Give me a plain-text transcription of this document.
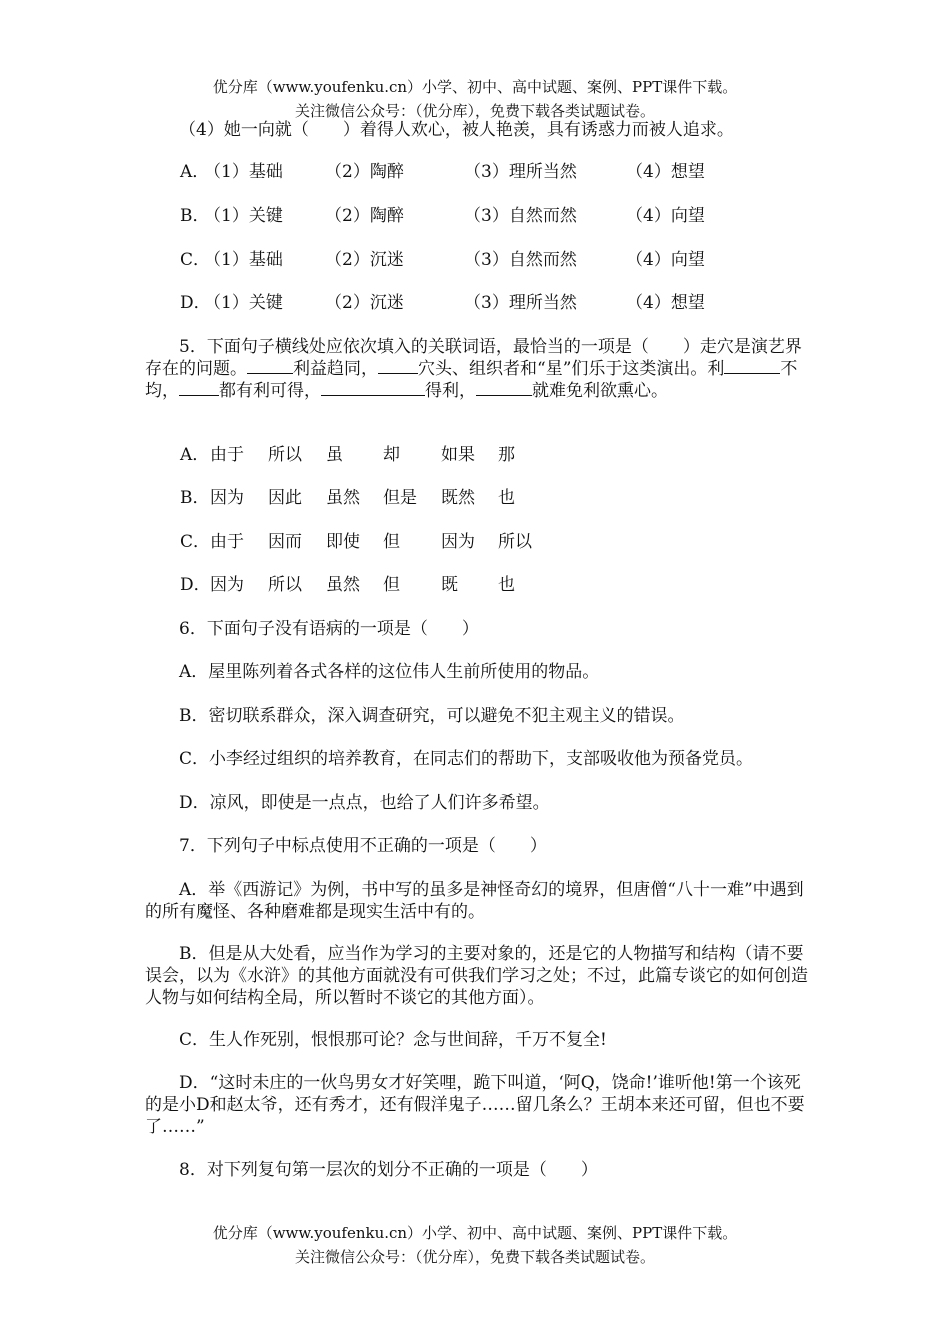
优分库（www.youfenku.cn）小学、初中、高中试题、案例、PPT课件下载。
关注微信公众号：（优分库），免费下载各类试题试卷。

（4）她一向就（　　）着得人欢心，被人艳羡，具有诱惑力而被人追求。

A．
（1）基础 （2）陶醉	（3）理所当然	（4）想望
B．
（1）关键 （2）陶醉	（3）自然而然	（4）向望
C．
（1）基础 （2）沉迷	（3）自然而然	（4）向望
D．
（1）关键 （2）沉迷	（3）理所当然	（4）想望

5．下面句子横线处应依次填入的关联词语，最恰当的一项是（　　）走穴是演艺界存在的问题。	利益趋同， 穴头、组织者和“星”们乐于这类演出。利	不均， 都有利可得，	得利，	就难免利欲熏心。

A． 由于 所以 虽 却 如果 那
B． 因为 因此 虽然 但是 既然 也
C． 由于 因而 即使 但 因为 所以
D． 因为 所以 虽然 但 既 也

6．下面句子没有语病的一项是（　　）

A．屋里陈列着各式各样的这位伟人生前所使用的物品。

B．密切联系群众，深入调查研究，可以避免不犯主观主义的错误。

C．小李经过组织的培养教育，在同志们的帮助下，支部吸收他为预备党员。

D．凉风，即使是一点点，也给了人们许多希望。

7．下列句子中标点使用不正确的一项是（　　）

A．举《西游记》为例，书中写的虽多是神怪奇幻的境界，但唐僧“八十一难”中遇到的所有魔怪、各种磨难都是现实生活中有的。

B．但是从大处看，应当作为学习的主要对象的，还是它的人物描写和结构（请不要误会，以为《水浒》的其他方面就没有可供我们学习之处；不过，此篇专谈它的如何创造人物与如何结构全局，所以暂时不谈它的其他方面）。

C．生人作死别，恨恨那可论？念与世间辞，千万不复全!

D．“这时未庄的一伙鸟男女才好笑哩，跪下叫道，‘阿Q，饶命!’谁听他!第一个该死的是小D和赵太爷，还有秀才，还有假洋鬼子……留几条么？王胡本来还可留，但也不要了……”

8．对下列复句第一层次的划分不正确的一项是（　　）

优分库（www.youfenku.cn）小学、初中、高中试题、案例、PPT课件下载。
关注微信公众号：（优分库），免费下载各类试题试卷。
